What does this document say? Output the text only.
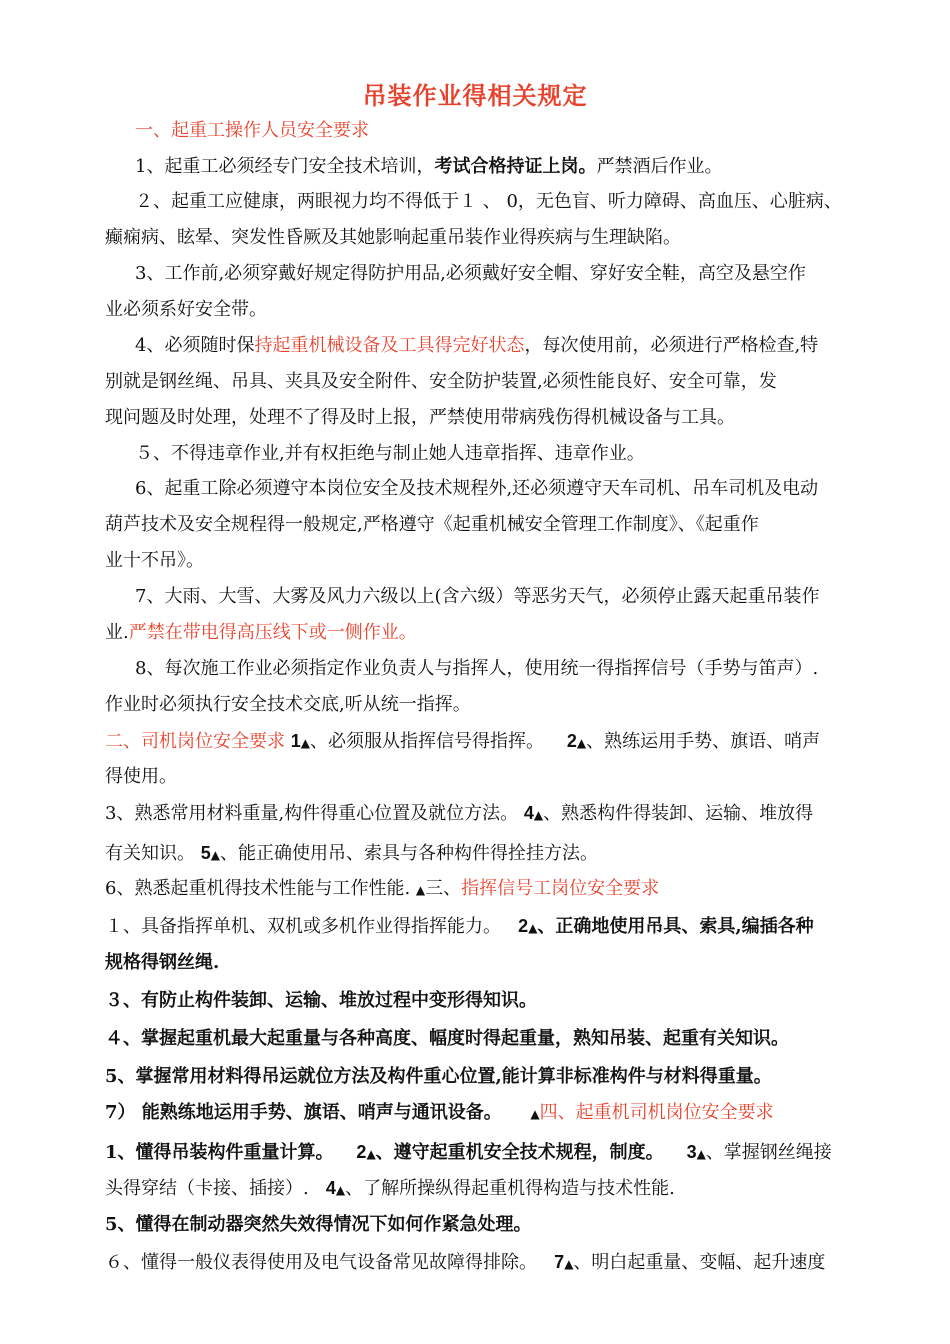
吊装作业得相关规定
一、起重工操作人员安全要求
1、起重工必须经专门安全技术培训，考试合格持证上岗。严禁酒后作业。
２、起重工应健康，两眼视力均不得低于１ 、 0，无色盲、听力障碍、高血压、心脏病、
癫痫病、眩晕、突发性昏厥及其她影响起重吊装作业得疾病与生理缺陷。
3、工作前,必须穿戴好规定得防护用品,必须戴好安全帽、穿好安全鞋，高空及悬空作
业必须系好安全带。
4、必须随时保持起重机械设备及工具得完好状态，每次使用前，必须进行严格检查,特
别就是钢丝绳、吊具、夹具及安全附件、安全防护装置,必须性能良好、安全可靠，发
现问题及时处理，处理不了得及时上报，严禁使用带病残伤得机械设备与工具。
５、不得违章作业,并有权拒绝与制止她人违章指挥、违章作业。
6、起重工除必须遵守本岗位安全及技术规程外,还必须遵守天车司机、吊车司机及电动
葫芦技术及安全规程得一般规定,严格遵守《起重机械安全管理工作制度》、《起重作
业十不吊》。
7、大雨、大雪、大雾及风力六级以上(含六级）等恶劣天气，必须停止露天起重吊装作
业.严禁在带电得高压线下或一侧作业。
8、每次施工作业必须指定作业负责人与指挥人，使用统一得指挥信号（手势与笛声）.
作业时必须执行安全技术交底,听从统一指挥。
二、司机岗位安全要求 1▲、必须服从指挥信号得指挥。 2▲、熟练运用手势、旗语、哨声
得使用。
3、熟悉常用材料重量,构件得重心位置及就位方法。 4▲、熟悉构件得装卸、运输、堆放得
有关知识。 5▲、能正确使用吊、索具与各种构件得拴挂方法。
6、熟悉起重机得技术性能与工作性能. ▲三、指挥信号工岗位安全要求
１、具备指挥单机、双机或多机作业得指挥能力。 2▲、正确地使用吊具、索具,编插各种
规格得钢丝绳.
３、有防止构件装卸、运输、堆放过程中变形得知识。
４、掌握起重机最大起重量与各种高度、幅度时得起重量，熟知吊装、起重有关知识。
5、掌握常用材料得吊运就位方法及构件重心位置,能计算非标准构件与材料得重量。
7） 能熟练地运用手势、旗语、哨声与通讯设备。 ▲四、起重机司机岗位安全要求
1、懂得吊装构件重量计算。 2▲、遵守起重机安全技术规程，制度。 3▲、掌握钢丝绳接
头得穿结（卡接、插接）. 4▲、了解所操纵得起重机得构造与技术性能.
5、懂得在制动器突然失效得情况下如何作紧急处理。
６、懂得一般仪表得使用及电气设备常见故障得排除。 7▲、明白起重量、变幅、起升速度
